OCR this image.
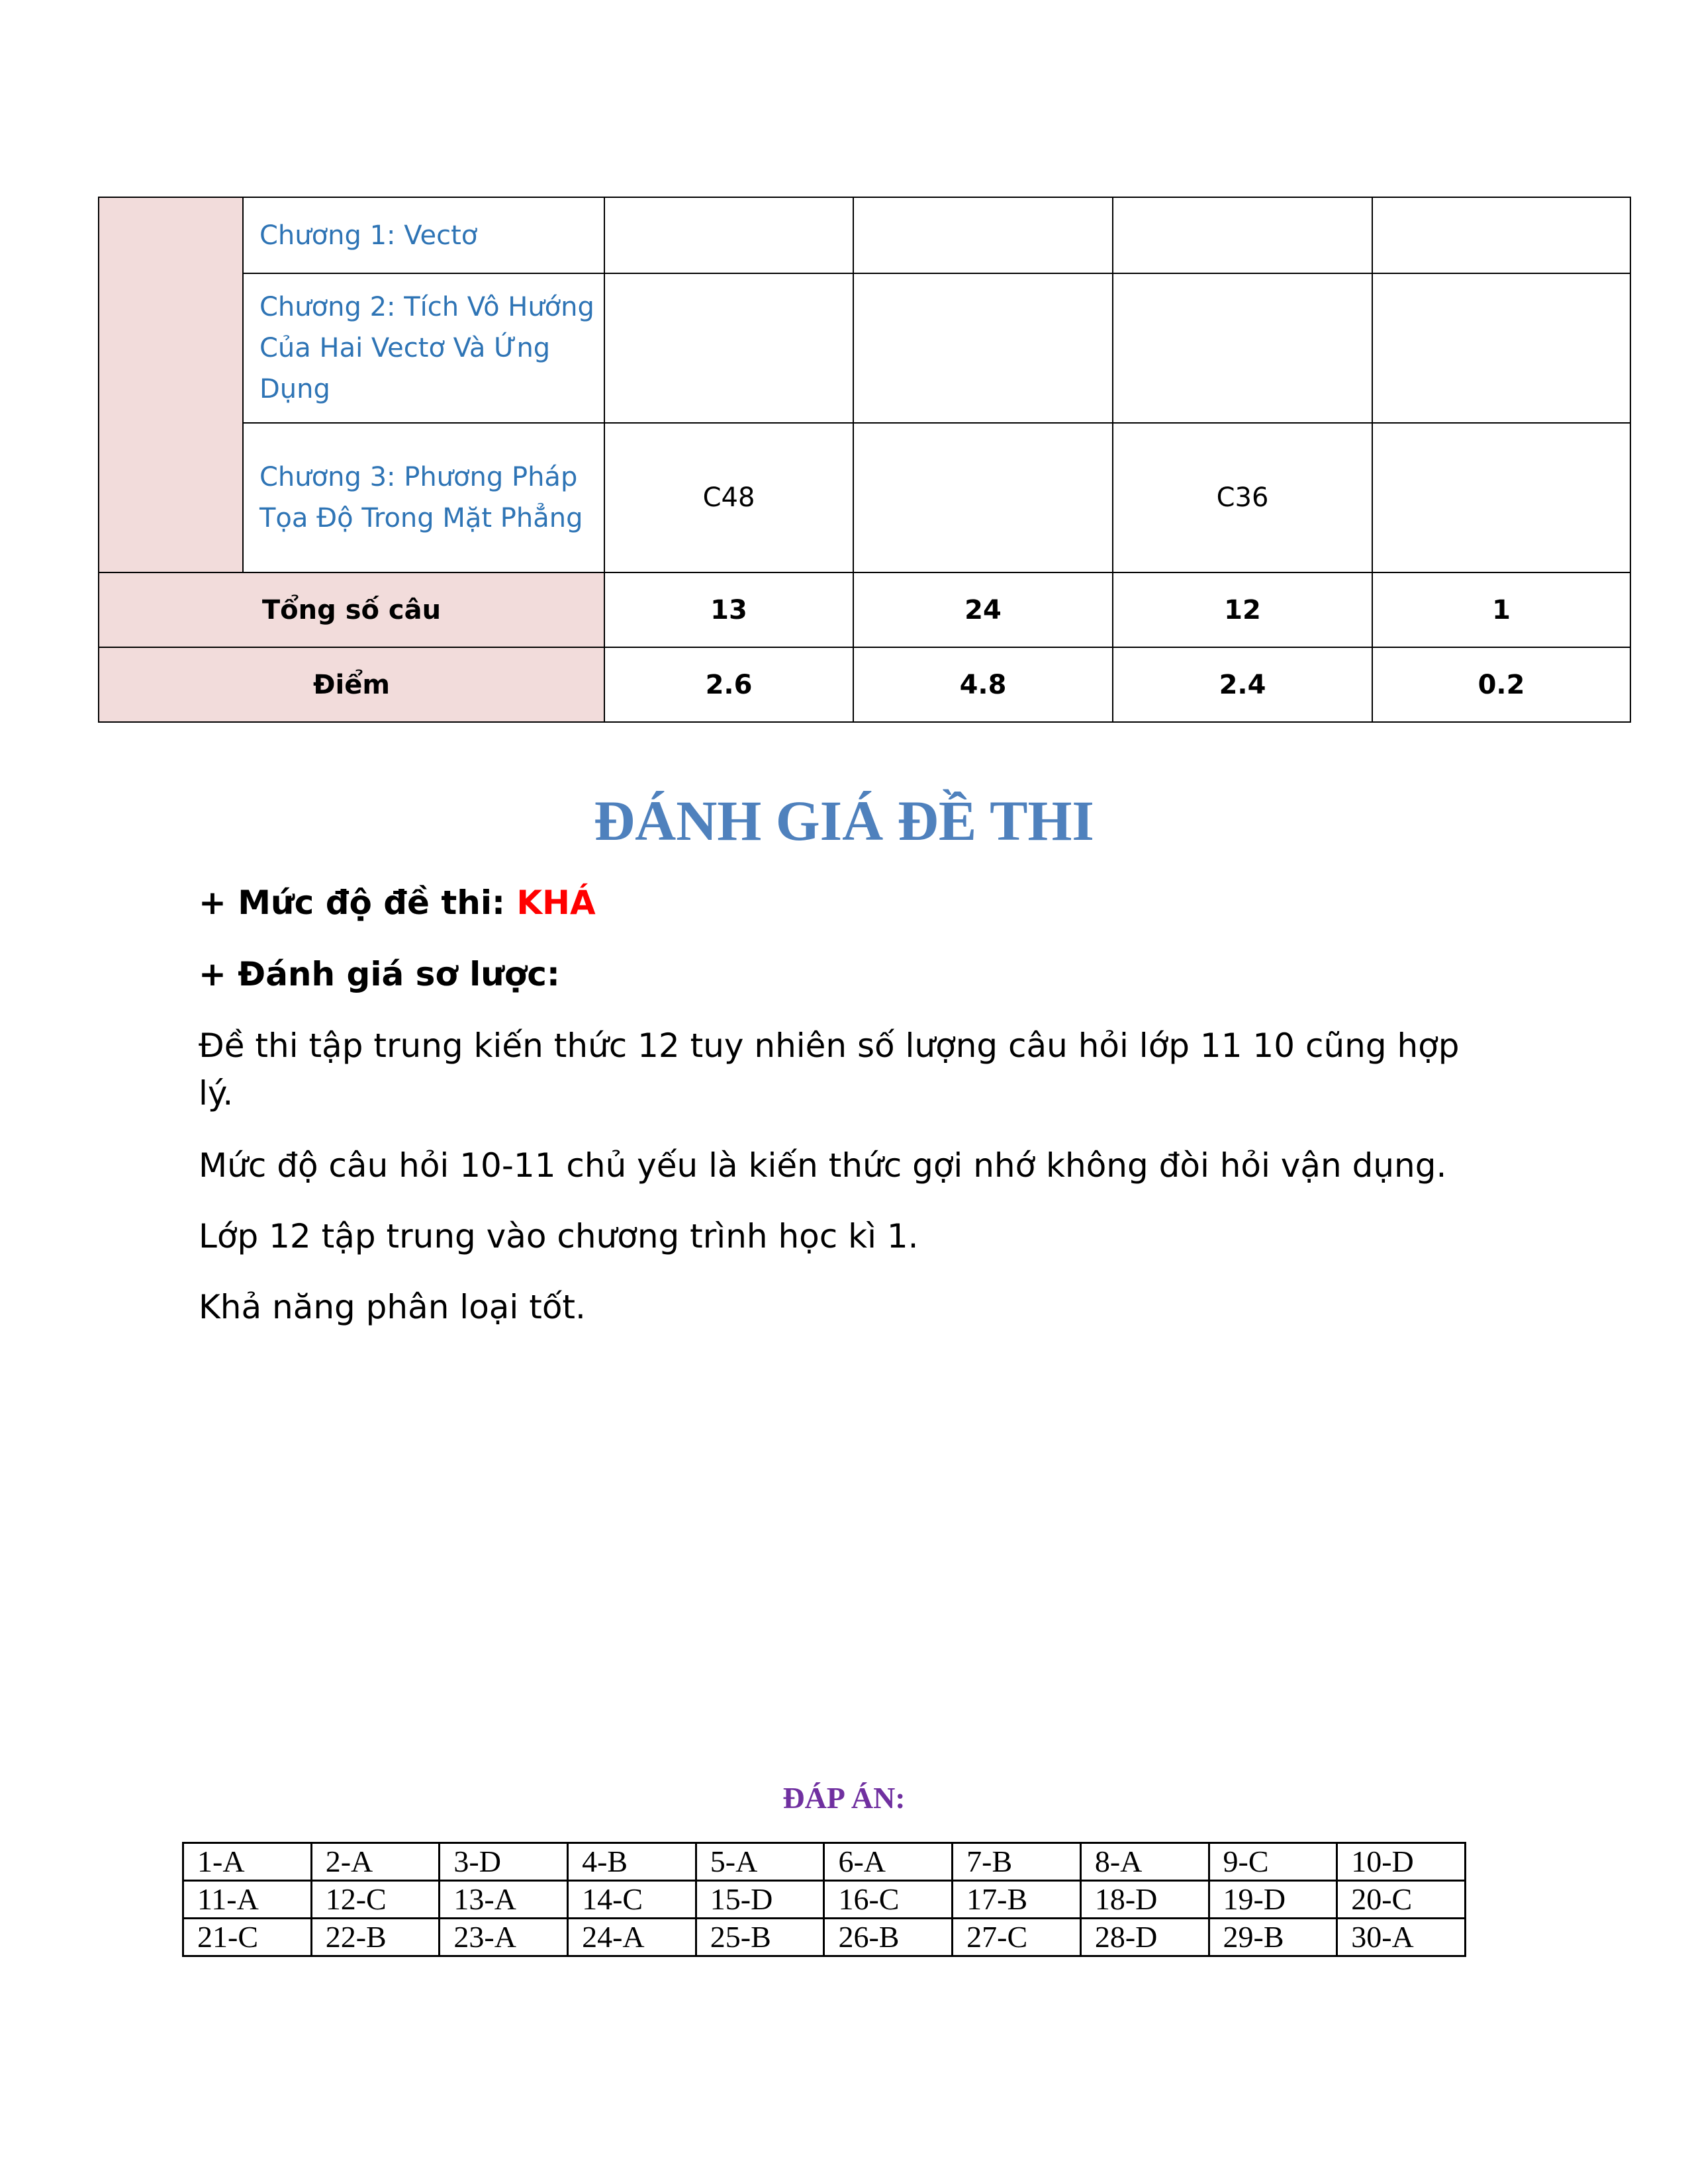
	Chương 1: Vectơ				
	Chương 2: Tích Vô Hướng Của Hai Vectơ Và Ứng Dụng				
	Chương 3: Phương Pháp Tọa Độ Trong Mặt Phẳng	C48		C36	
Tổng số câu		13	24	12	1
Điểm		2.6	4.8	2.4	0.2
ĐÁNH GIÁ ĐỀ THI

+ Mức độ đề thi: KHÁ

+ Đánh giá sơ lược:

Đề thi tập trung kiến thức 12 tuy nhiên số lượng câu hỏi lớp 11 10 cũng hợp lý.

Mức độ câu hỏi 10-11 chủ yếu là kiến thức gợi nhớ không đòi hỏi vận dụng.

Lớp 12 tập trung vào chương trình học kì 1.

Khả năng phân loại tốt.

ĐÁP ÁN:

1-A	2-A	3-D	4-B	5-A	6-A	7-B	8-A	9-C	10-D
11-A	12-C	13-A	14-C	15-D	16-C	17-B	18-D	19-D	20-C
21-C	22-B	23-A	24-A	25-B	26-B	27-C	28-D	29-B	30-A
